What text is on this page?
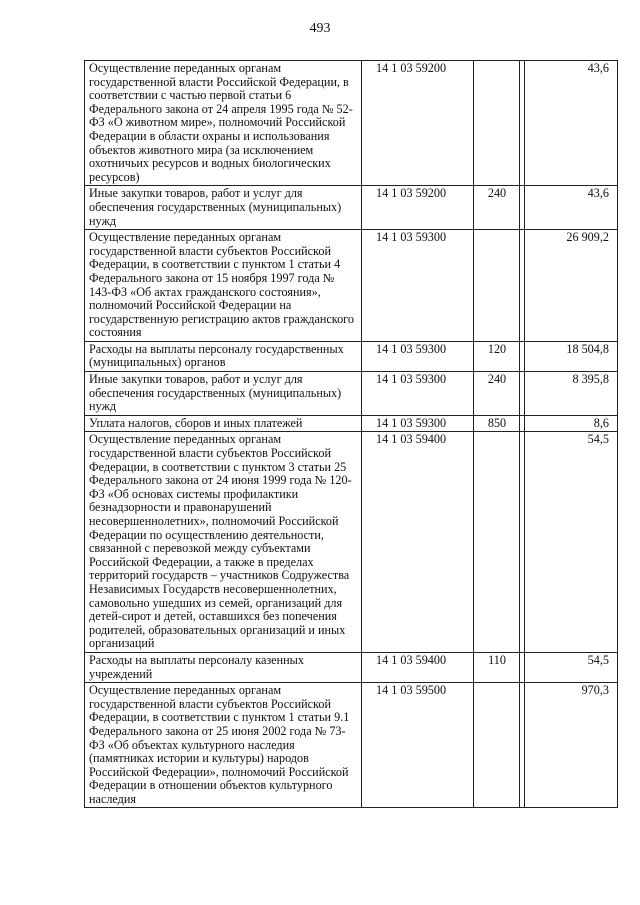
493
Осуществление переданных органам государственной власти Российской Федерации, в соответствии с частью первой статьи 6 Федерального закона от 24 апреля 1995 года № 52-ФЗ «О животном мире», полномочий Российской Федерации в области охраны и использования объектов животного мира (за исключением охотничьих ресурсов и водных биологических ресурсов)	14 1 03 59200			43,6
Иные закупки товаров, работ и услуг для обеспечения государственных (муниципальных) нужд	14 1 03 59200	240		43,6
Осуществление переданных органам государственной власти субъектов Российской Федерации, в соответствии с пунктом 1 статьи 4 Федерального закона от 15 ноября 1997 года № 143-ФЗ «Об актах гражданского состояния», полномочий Российской Федерации на государственную регистрацию актов гражданского состояния	14 1 03 59300			26 909,2
Расходы на выплаты персоналу государственных (муниципальных) органов	14 1 03 59300	120		18 504,8
Иные закупки товаров, работ и услуг для обеспечения государственных (муниципальных) нужд	14 1 03 59300	240		8 395,8
Уплата налогов, сборов и иных платежей	14 1 03 59300	850		8,6
Осуществление переданных органам государственной власти субъектов Российской Федерации, в соответствии с пунктом 3 статьи 25 Федерального закона от 24 июня 1999 года № 120-ФЗ «Об основах системы профилактики безнадзорности и правонарушений несовершеннолетних», полномочий Российской Федерации по осуществлению деятельности, связанной с перевозкой между субъектами Российской Федерации, а также в пределах территорий государств – участников Содружества Независимых Государств несовершеннолетних, самовольно ушедших из семей, организаций для детей-сирот и детей, оставшихся без попечения родителей, образовательных организаций и иных организаций	14 1 03 59400			54,5
Расходы на выплаты персоналу казенных учреждений	14 1 03 59400	110		54,5
Осуществление переданных органам государственной власти субъектов Российской Федерации, в соответствии с пунктом 1 статьи 9.1 Федерального закона от 25 июня 2002 года № 73-ФЗ «Об объектах культурного наследия (памятниках истории и культуры) народов Российской Федерации», полномочий Российской Федерации в отношении объектов культурного наследия	14 1 03 59500			970,3
